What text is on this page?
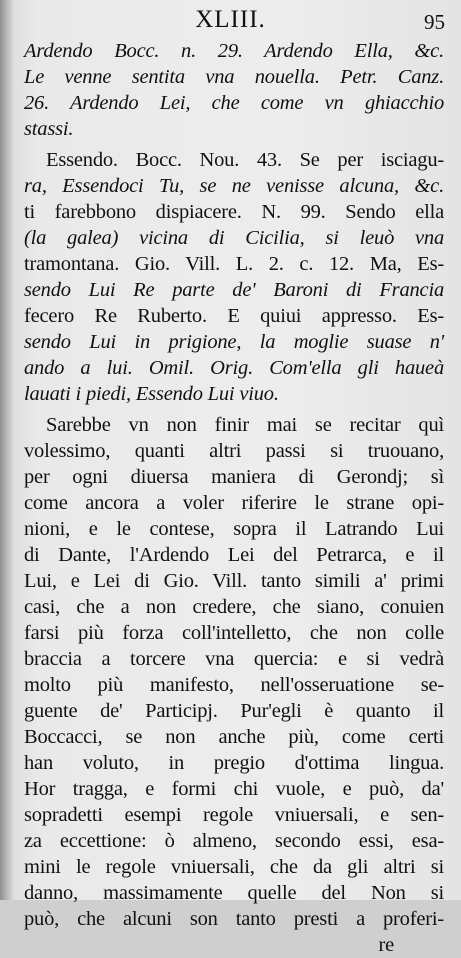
XLIII.	95
Ardendo Bocc. n. 29. Ardendo Ella, &c.
Le venne sentita vna nouella. Petr. Canz.
26. Ardendo Lei, che come vn ghiacchio
stassi.
Essendo. Bocc. Nou. 43. Se per isciagu-
ra, Essendoci Tu, se ne venisse alcuna, &c.
ti farebbono dispiacere. N. 99. Sendo ella
(la galea) vicina di Cicilia, si leuò vna
tramontana. Gio. Vill. L. 2. c. 12. Ma, Es-
sendo Lui Re parte de' Baroni di Francia
fecero Re Ruberto. E quiui appresso. Es-
sendo Lui in prigione, la moglie suase n'
ando a lui. Omil. Orig. Com'ella gli haueà
lauati i piedi, Essendo Lui viuo.
Sarebbe vn non finir mai se recitar quì
volessimo, quanti altri passi si truouano,
per ogni diuersa maniera di Gerondj; sì
come ancora a voler riferire le strane opi-
nioni, e le contese, sopra il Latrando Lui
di Dante, l'Ardendo Lei del Petrarca, e il
Lui, e Lei di Gio. Vill. tanto simili a' primi
casi, che a non credere, che siano, conuien
farsi più forza coll'intelletto, che non colle
braccia a torcere vna quercia: e si vedrà
molto più manifesto, nell'osseruatione se-
guente de' Participj. Pur'egli è quanto il
Boccacci, se non anche più, come certi
han voluto, in pregio d'ottima lingua.
Hor tragga, e formi chi vuole, e può, da'
sopradetti esempi regole vniuersali, e sen-
za eccettione: ò almeno, secondo essi, esa-
mini le regole vniuersali, che da gli altri si
danno, massimamente quelle del Non si
può, che alcuni son tanto presti a proferi-
re
